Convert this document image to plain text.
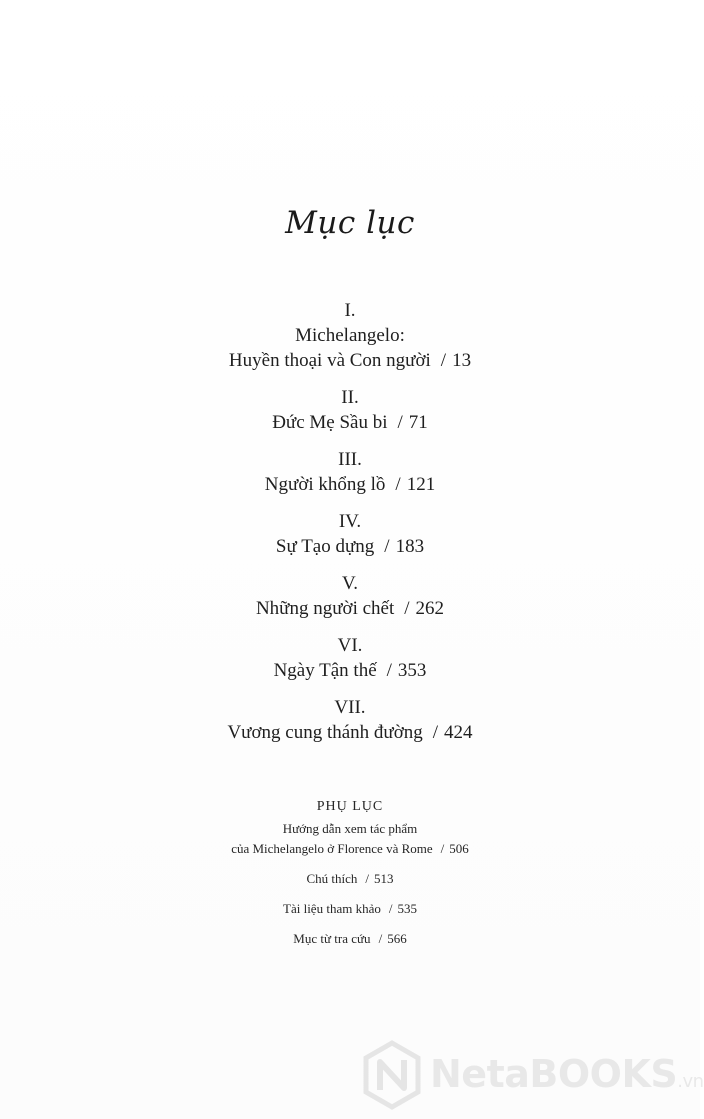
Mục lục
I.
Michelangelo:
Huyền thoại và Con người / 13
II.
Đức Mẹ Sầu bi / 71
III.
Người khổng lồ / 121
IV.
Sự Tạo dựng / 183
V.
Những người chết / 262
VI.
Ngày Tận thế / 353
VII.
Vương cung thánh đường / 424
PHỤ LỤC
Hướng dẫn xem tác phẩm
của Michelangelo ở Florence và Rome / 506
Chú thích / 513
Tài liệu tham khảo / 535
Mục từ tra cứu / 566
NetaBOOKS.vn
